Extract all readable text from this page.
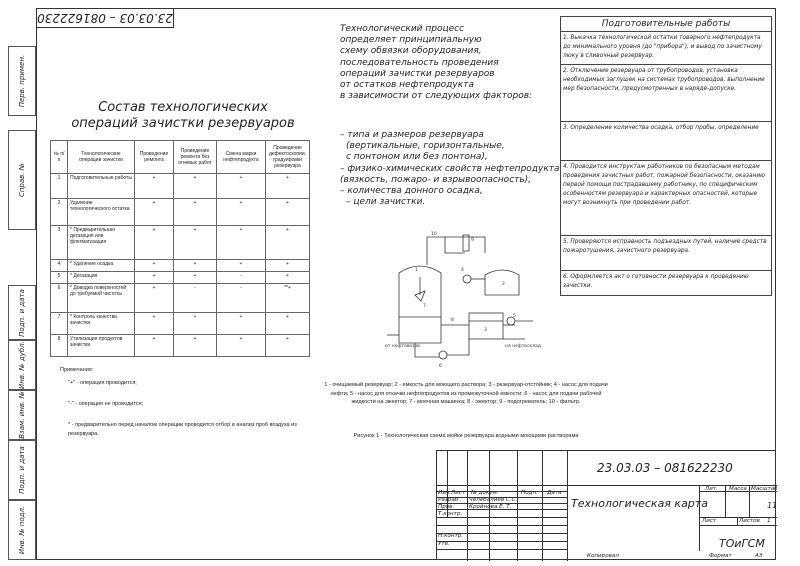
23.03.03 – 081622230
Перв. примен.
Справ. №
Подп. и дата
Инв. № дубл.
Взам. инв. №
Подп. и дата
Инв. № подл.
Состав технологических
операций зачистки резервуаров
№ п/п	Технологические операции зачистки	Проведение ремонта	Проведение ремонта без огневых работ	Смена марки нефтепродукта	Проведение дефектоскопии, градуировки резервуара
1	Подготовительные работы	+	+	+	+
2	Удаление технологического остатка	+	+	+	+
3	* Предварительная дегазация или флегматизация	+	+	+	+
4	* Удаление осадка	+	+	+	+
5	* Дегазация	+	+	-	+
6	* Доводка поверхностей до требуемой чистоты	+	-	-	**+
7	* Контроль качества зачистки	+	+	+	+
8	Утилизация продуктов зачистки	+	+	+	+
Примечания:
"+" - операция проводится;
"-" - операция не проводится;
* - предварительно перед началом операции проводится отбор и анализ проб воздуха из резервуара.
Технологический процесс
определяет принципиальную
схему обвязки оборудования,
последовательность проведения
операций зачистки резервуаров
от остатков нефтепродукта
в зависимости от следующих факторов:
– типа и размеров резервуара
(вертикальные, горизонтальные,
с понтоном или без понтона),
– физико-химических свойств нефтепродукта
(вязкость, пожаро- и взрывоопасность),
– количества донного осадка,
– цели зачистки.
1
2
3
4
5
6
7
8
9
10
от нефтевозов	на нефтесклад
1 - очищаемый резервуар; 2 - емкость для моющего раствора; 3 - резервуар-отстойник; 4 - насос для подачи нефти; 5 - насос для откачки нефтепродуктов из промежуточной емкости; 6 - насос для подачи рабочей жидкости на эжектор; 7 - моечная машинка; 8 - эжектор; 9 - подогреватель; 10 - фильтр.
Рисунок 1 - Технологическая схема мойки резервуара водными моющими растворами
Подготовительные работы
1. Выкачка технологической остатки товарного нефтепродукта до минимального уровня (до "прибора"), и вывод по зачистному люку в сливочный резервуар.
2. Отключение резервуара от трубопроводов, установка необходимых заглушек на системах трубопроводов, выполнение мер безопасности, предусмотренных в наряде-допуске.
3. Определение количества осадка, отбор пробы, определение
4. Проводится инструктаж работников по безопасным методам проведения зачистных работ, пожарной безопасности, оказанию первой помощи пострадавшему работнику, по специфическим особенностям резервуара и характерных опасностей, которые могут возникнуть при проведении работ.
5. Проверяются исправность подъездных путей, наличие средств пожаротушения, зачистного резервуара.
6. Оформляется акт о готовности резервуара к проведению зачистки.
23.03.03 – 081622230
Технологическая карта
ТОиГСМ
Лит. Масса Масштаб
11
Лист	Листов 1
Изм. Лист № докум.	Подп. Дата
Разраб.
Пров.
Т.контр.
Н.контр.
Утв.
Челебалиев С.С.
Кройнова Е. Т.
Копировал	Формат	А3
